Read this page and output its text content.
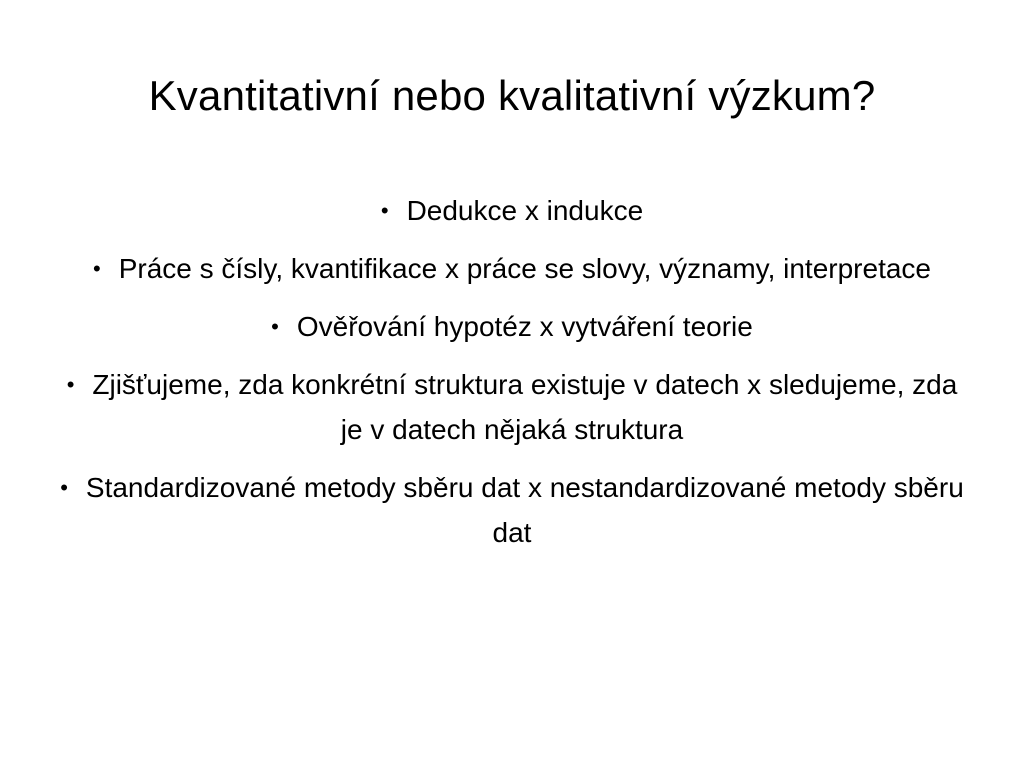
Kvantitativní nebo kvalitativní výzkum?
• Dedukce x indukce
• Práce s čísly, kvantifikace x práce se slovy, významy, interpretace
• Ověřování hypotéz x vytváření teorie
• Zjišťujeme, zda konkrétní struktura existuje v datech x sledujeme, zda je v datech nějaká struktura
• Standardizované metody sběru dat x nestandardizované metody sběru dat
